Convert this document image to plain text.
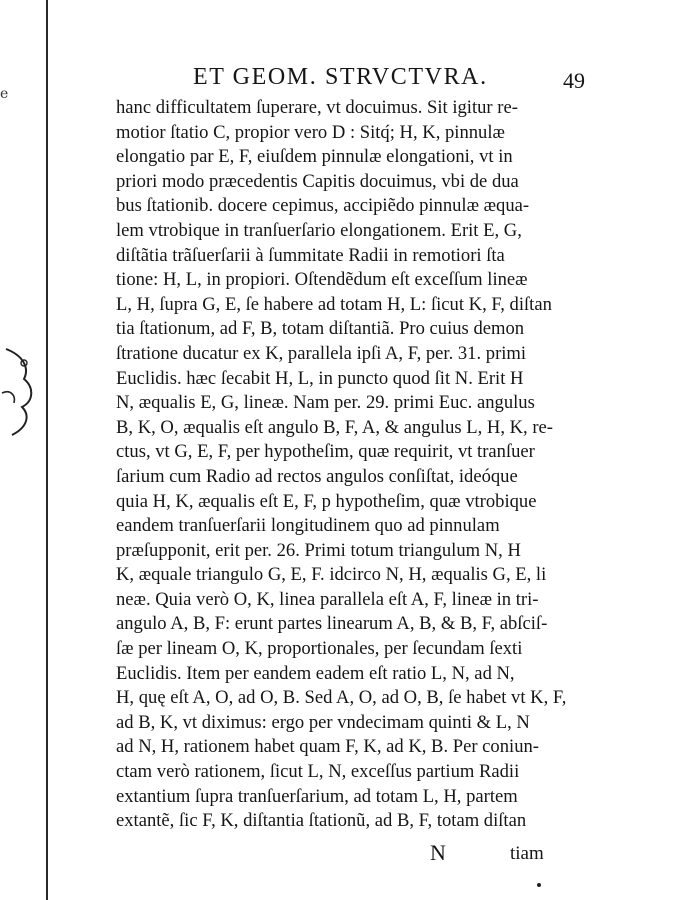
e
ET GEOM. STRVCTVRA.	49
hanc difficultatem ſuperare, vt docuimus. Sit igitur re-
motior ſtatio C, propior vero D : Sitq́; H, K, pinnulæ
elongatio par E, F, eiuſdem pinnulæ elongationi, vt in
priori modo præcedentis Capitis docuimus, vbi de dua
bus ſtationib. docere cepimus, accipiẽdo pinnulæ æqua-
lem vtrobique in tranſuerſario elongationem. Erit E, G,
diſtãtia trãſuerſarii à ſummitate Radii in remotiori ſta
tione: H, L, in propiori. Oſtendẽdum eſt exceſſum lineæ
L, H, ſupra G, E, ſe habere ad totam H, L: ſicut K, F, diſtan
tia ſtationum, ad F, B, totam diſtantiã. Pro cuius demon
ſtratione ducatur ex K, parallela ipſi A, F, per. 31. primi
Euclidis. hæc ſecabit H, L, in puncto quod ſit N. Erit H
N, æqualis E, G, lineæ. Nam per. 29. primi Euc. angulus
B, K, O, æqualis eſt angulo B, F, A, & angulus L, H, K, re-
ctus, vt G, E, F, per hypotheſim, quæ requirit, vt tranſuer
ſarium cum Radio ad rectos angulos conſiſtat, ideóque
quia H, K, æqualis eſt E, F, p hypotheſim, quæ vtrobique
eandem tranſuerſarii longitudinem quo ad pinnulam
præſupponit, erit per. 26. Primi totum triangulum N, H
K, æquale triangulo G, E, F. idcirco N, H, æqualis G, E, li
neæ. Quia verò O, K, linea parallela eſt A, F, lineæ in tri-
angulo A, B, F: erunt partes linearum A, B, & B, F, abſciſ-
ſæ per lineam O, K, proportionales, per ſecundam ſexti
Euclidis. Item per eandem eadem eſt ratio L, N, ad N,
H, quę eſt A, O, ad O, B. Sed A, O, ad O, B, ſe habet vt K, F,
ad B, K, vt diximus: ergo per vndecimam quinti & L, N
ad N, H, rationem habet quam F, K, ad K, B. Per coniun-
ctam verò rationem, ſicut L, N, exceſſus partium Radii
extantium ſupra tranſuerſarium, ad totam L, H, partem
extantẽ, ſic F, K, diſtantia ſtationũ, ad B, F, totam diſtan
N	tiam
